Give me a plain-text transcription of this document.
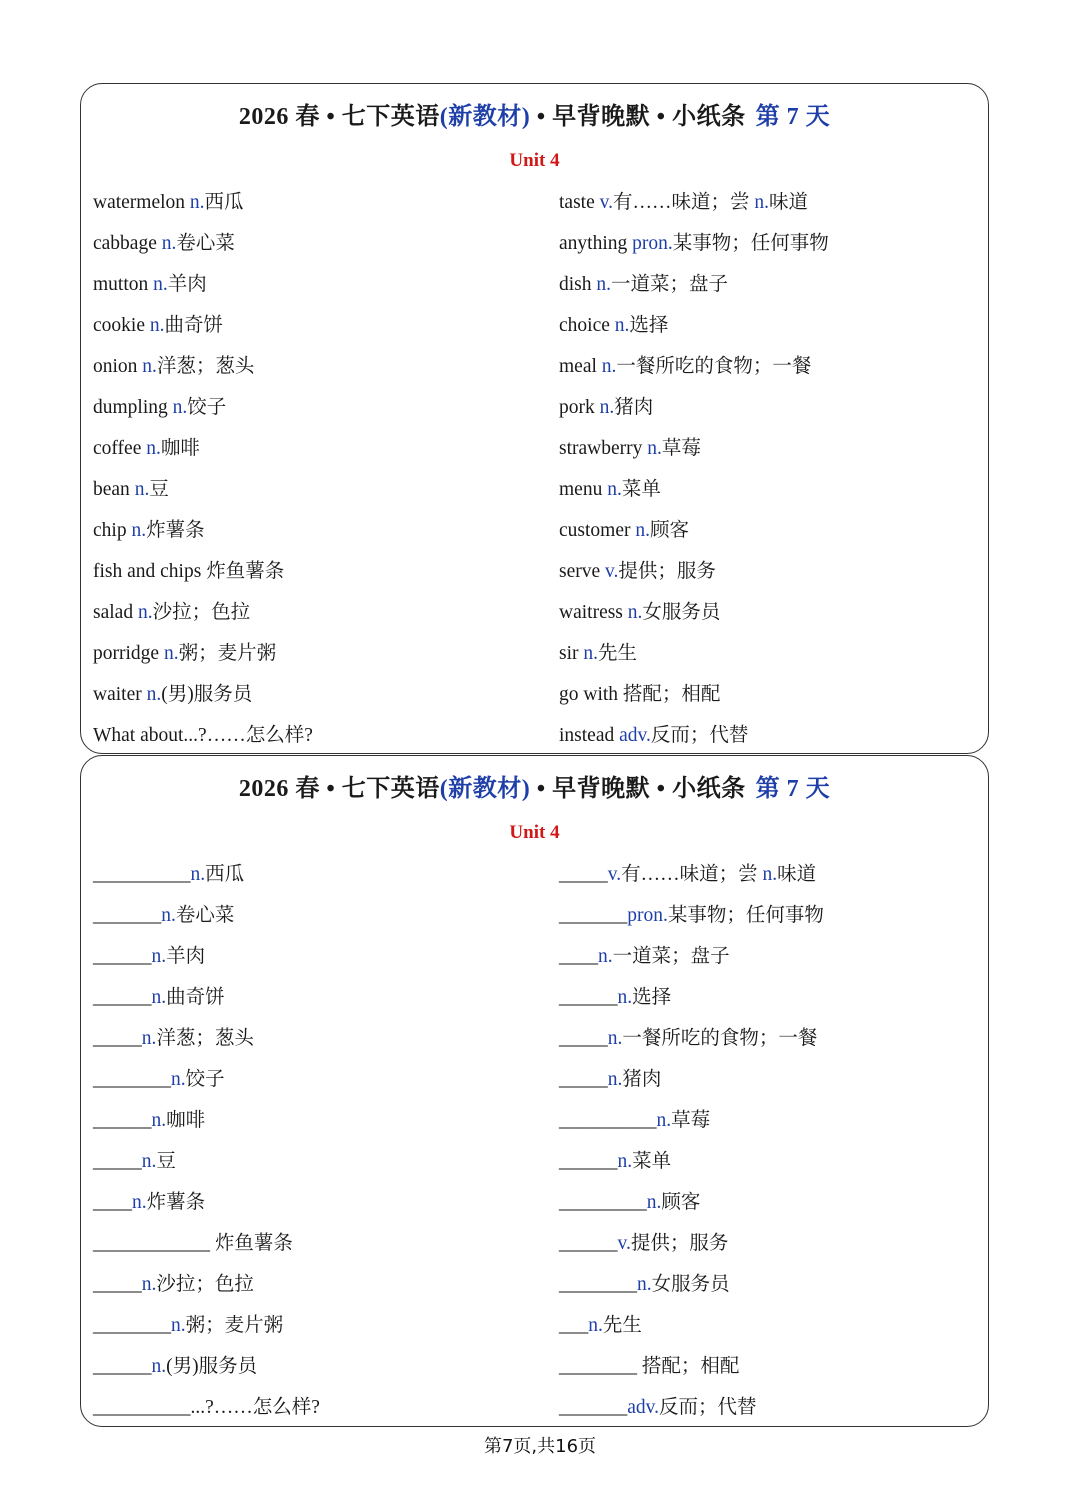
2026 春 • 七下英语(新教材) • 早背晚默 • 小纸条 第 7 天
Unit 4
watermelon n.西瓜
cabbage n.卷心菜
mutton n.羊肉
cookie n.曲奇饼
onion n.洋葱；葱头
dumpling n.饺子
coffee n.咖啡
bean n.豆
chip n.炸薯条
fish and chips 炸鱼薯条
salad n.沙拉；色拉
porridge n.粥；麦片粥
waiter n.(男)服务员
What about...?……怎么样?
taste v.有……味道；尝 n.味道
anything pron.某事物；任何事物
dish n.一道菜；盘子
choice n.选择
meal n.一餐所吃的食物；一餐
pork n.猪肉
strawberry n.草莓
menu n.菜单
customer n.顾客
serve v.提供；服务
waitress n.女服务员
sir n.先生
go with 搭配；相配
instead adv.反而；代替
2026 春 • 七下英语(新教材) • 早背晚默 • 小纸条 第 7 天
Unit 4
__________n.西瓜
_______n.卷心菜
______n.羊肉
______n.曲奇饼
_____n.洋葱；葱头
________n.饺子
______n.咖啡
_____n.豆
____n.炸薯条
____________ 炸鱼薯条
_____n.沙拉；色拉
________n.粥；麦片粥
______n.(男)服务员
__________...?……怎么样?
_____v.有……味道；尝 n.味道
_______pron.某事物；任何事物
____n.一道菜；盘子
______n.选择
_____n.一餐所吃的食物；一餐
_____n.猪肉
__________n.草莓
______n.菜单
_________n.顾客
______v.提供；服务
________n.女服务员
___n.先生
________ 搭配；相配
_______adv.反而；代替
第7页,共16页
